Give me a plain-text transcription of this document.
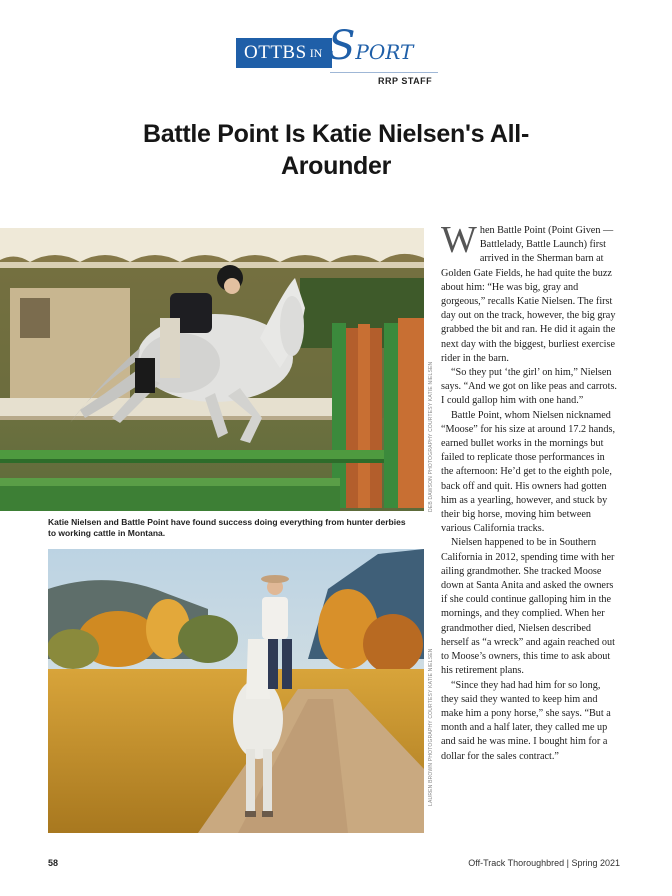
OTTBS IN SPORT
RRP STAFF
Battle Point Is Katie Nielsen's All-Arounder
DEB DAWSON PHOTOGRAPHY COURTESY KATIE NIELSEN
Katie Nielsen and Battle Point have found success doing everything from hunter derbies to working cattle in Montana.
LAUREN BROWN PHOTOGRAPHY COURTESY KATIE NIELSEN

When Battle Point (Point Given — Battlelady, Battle Launch) first arrived in the Sherman barn at Golden Gate Fields, he had quite the buzz about him: “He was big, gray and gorgeous,” recalls Katie Nielsen. The first day out on the track, however, the big gray grabbed the bit and ran. He did it again the next day with the biggest, burliest exercise rider in the barn.

“So they put ‘the girl’ on him,” Nielsen says. “And we got on like peas and carrots. I could gallop him with one hand.”

Battle Point, whom Nielsen nicknamed “Moose” for his size at around 17.2 hands, earned bullet works in the mornings but failed to replicate those performances in the afternoon: He’d get to the eighth pole, back off and quit. His owners had gotten him as a yearling, however, and stuck by their big horse, moving him between various California tracks.

Nielsen happened to be in Southern California in 2012, spending time with her ailing grandmother. She tracked Moose down at Santa Anita and asked the owners if she could continue galloping him in the mornings, and they complied. When her grandmother died, Nielsen described herself as “a wreck” and again reached out to Moose’s owners, this time to ask about his retirement plans.

“Since they had had him for so long, they said they wanted to keep him and make him a pony horse,” she says. “But a month and a half later, they called me up and said he was mine. I bought him for a dollar for the sales contract.”

58	Off-Track Thoroughbred | Spring 2021
